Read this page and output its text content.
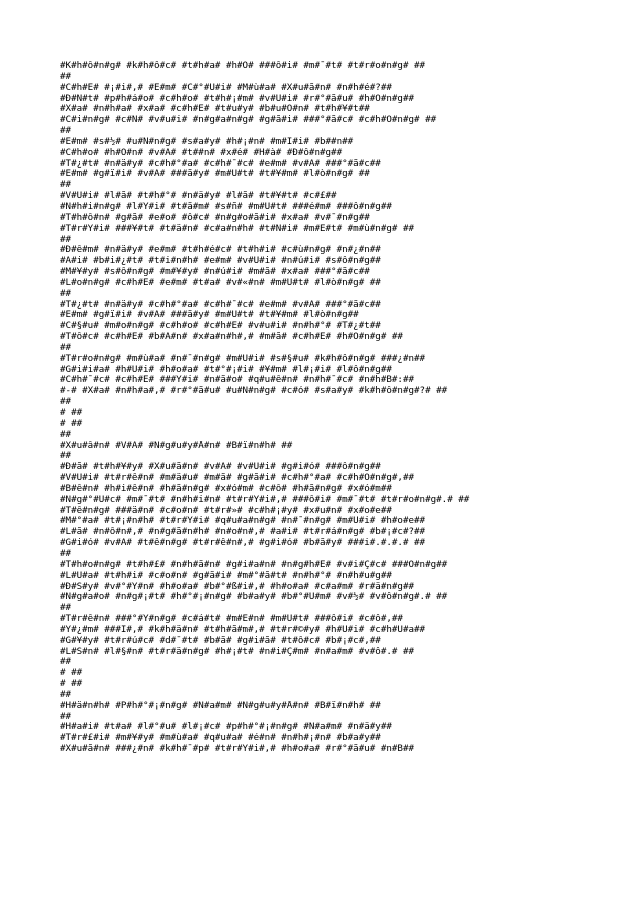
#K#h#ô#n#g# #k#h#ô#c# #t#h#a# #h#Ó# ###ô#i# #m#¯#t# #t#r#o#n#g# ##
##
#C#h#Ë# #¡#i#,# #E#m# #C#°#Û#i# #M#ù#a# #X#u#ã#n# #n#h#é#?##
#Ð#Ñ#t# #p#h#á#o# #c#h#o# #t#h#¡#m# #v#Ü#i# #r#°#ã#u# #h#Ó#n#g##
#X#a# #n#h#a# #x#a# #c#h#Ë# #t#u#y# #b#u#Ó#n# #t#h#¥#t##
#C#i#n#g# #c#Ñ# #v#u#i# #n#g#a#n#g# #g#ã#i# ###°#ã#c# #c#h#Ó#n#g# ##
##
#E#m# #s#½# #u#Ñ#n#g# #s#a#y# #h#¡#n# #m#Ï#i# #b##n##
#C#h#o# #h#Ó#n# #v#Ã# #t##n# #x#é# #H#à# #Ð#ô#n#g##
#T#¿#t# #n#ä#y# #c#h#°#a# #c#h#¯#c# #e#m# #v#Ã# ###°#ã#c##
#E#m# #g#ï#i# #v#Ã# ###ã#y# #m#Ù#t# #t#¥#m# #l#ò#n#g# ##
##
#V#Û#i# #l#ã# #t#h#°# #n#ä#y# #l#ã# #t#¥#t# #c#£##
#N#h#i#n#g# #l#Ý#i# #t#ã#m# #s#ñ# #m#Ù#t# ###é#m# ###ô#n#g##
#T#h#ô#n# #g#ã# #e#o# #ô#c# #n#g#o#ã#i# #x#a# #v#¯#n#g##
#T#r#Ý#i# ###¥#t# #t#ä#n# #c#a#n#h# #t#Ñ#i# #m#È#t# #m#ù#n#g# ##
##
#Ð#ê#m# #n#ä#y# #e#m# #t#h#é#c# #t#h#i# #c#ù#n#g# #n#¿#n##
#A#i# #b#i#¿#t# #t#i#n#h# #e#m# #v#Û#i# #n#ú#i# #s#ô#n#g##
#M#¥#y# #s#ô#n#g# #m#¥#y# #n#ú#i# #m#ã# #x#a# ###°#ã#c##
#L#o#n#g# #c#h#È# #e#m# #t#a# #v#«#n# #m#Ù#t# #l#ò#n#g# ##
##
#T#¿#t# #n#ä#y# #c#h#°#a# #c#h#¯#c# #e#m# #v#Ã# ###°#ã#c##
#E#m# #g#ï#i# #v#Ã# ###ã#y# #m#Ù#t# #t#¥#m# #l#ò#n#g##
#C#§#u# #m#o#n#g# #c#h#o# #c#h#Ë# #v#u#i# #n#h#°# #T#¿#t##
#T#ô#c# #c#h#Ë# #b#Ã#n# #x#a#n#h#,# #m#ã# #c#h#Ë# #h#Ó#n#g# ##
##
#T#r#o#n#g# #m#ù#a# #n#¯#n#g# #m#Û#i# #s#§#u# #k#h#ô#n#g# ###¿#n##
#G#i#i#a# #h#Ü#i# #h#o#a# #t#°#¡#i# #¥#m# #l#¡#i# #l#ô#n#g##
#C#h#¯#c# #c#h#Ë# ###Ý#i# #n#ã#o# #q#u#ê#n# #n#h#¯#c# #n#h#B#:##
#-# #X#a# #n#h#a#,# #r#°#ã#u# #u#Ñ#n#g# #c#ó# #s#a#y# #k#h#ô#n#g#?# ##
##
# ##
# ##
##
#X#u#â#n# #V#Ã# #N#g#u#y#Å#n# #B#ï#n#h# ##
##
#Ð#ã# #t#h#¥#y# #X#u#ã#n# #v#Ã# #v#Û#i# #g#i#ó# ###ô#n#g##
#V#Û#i# #t#r#ê#n# #m#ä#u# #m#ã# #g#ã#i# #c#h#°#a# #c#h#Ó#n#g#,##
#B#ê#n# #h#i#ê#n# #h#ã#n#g# #x#ó#m# #c#ô# #h#ã#n#g# #x#ó#m##
#N#g#°#Ü#c# #m#¯#t# #n#h#i#n# #t#r#Ý#i#,# ###ô#i# #m#¯#t# #t#r#o#n#g#.# ##
#T#ê#n#g# ###ä#n# #c#o#n# #t#r#»# #c#h#¡#y# #x#u#n# #x#o#e##
#M#°#a# #t#¡#n#h# #t#r#Ý#i# #q#u#a#n#g# #n#¯#n#g# #m#Û#i# #h#o#e##
#L#ã# #n#ô#n#,# #n#g#ã#n#h# #n#o#n#,# #a#i# #t#r#á#n#g# #b#¡#c#?##
#G#i#ó# #v#Ã# #t#ê#n#g# #t#r#ê#n#,# #g#i#ó# #b#ã#y# ###i#.#.#.# ##
##
#T#h#o#n#g# #t#h#£# #n#h#ã#n# #g#i#a#n# #n#g#h#E# #v#i#Ç#c# ###Ó#n#g##
#L#Ú#a# #t#h#i# #c#o#n# #g#ã#i# #m#°#ã#t# #n#h#°# #n#h#u#g##
#Ð#S#y# #v#°#Ý#n# #h#o#a# #b#°#ß#i#,# #h#o#a# #c#a#m# #r#ä#n#g##
#N#g#a#o# #n#g#¡#t# #h#°#¡#n#g# #b#a#y# #b#°#Ü#m# #v#½# #v#ô#n#g#.# ##
##
#T#r#ê#n# ###°#Ý#n#g# #c#á#t# #m#È#n# #m#Ù#t# ###ô#i# #c#ô#,##
#Y#¿#m# ###Ï#,# #k#h#ä#n# #t#h#ã#m#,# #t#r#©#y# #h#Ü#i# #c#h#Ù#a##
#G#¥#y# #t#r#ú#c# #d#¯#t# #b#ã# #g#i#ã# #t#ô#c# #b#¡#c#,##
#L#S#n# #l#§#n# #t#r#ä#n#g# #h#¡#t# #n#i#Ç#m# #n#a#m# #v#ô#.# ##
##
# ##
# ##
##
#H#ä#n#h# #P#h#°#¡#n#g# #N#a#m# #N#g#u#y#Å#n# #B#ï#n#h# ##
##
#H#a#i# #t#a# #l#°#u# #l#¡#c# #p#h#°#¡#n#g# #N#a#m# #n#ä#y##
#T#r#£#i# #m#¥#y# #m#ù#a# #q#u#a# #é#n# #n#h#¡#n# #b#a#y##
#X#u#ã#n# ###¿#n# #k#h#¯#p# #t#r#Ý#i#,# #h#o#a# #r#°#ã#u# #n#B##
